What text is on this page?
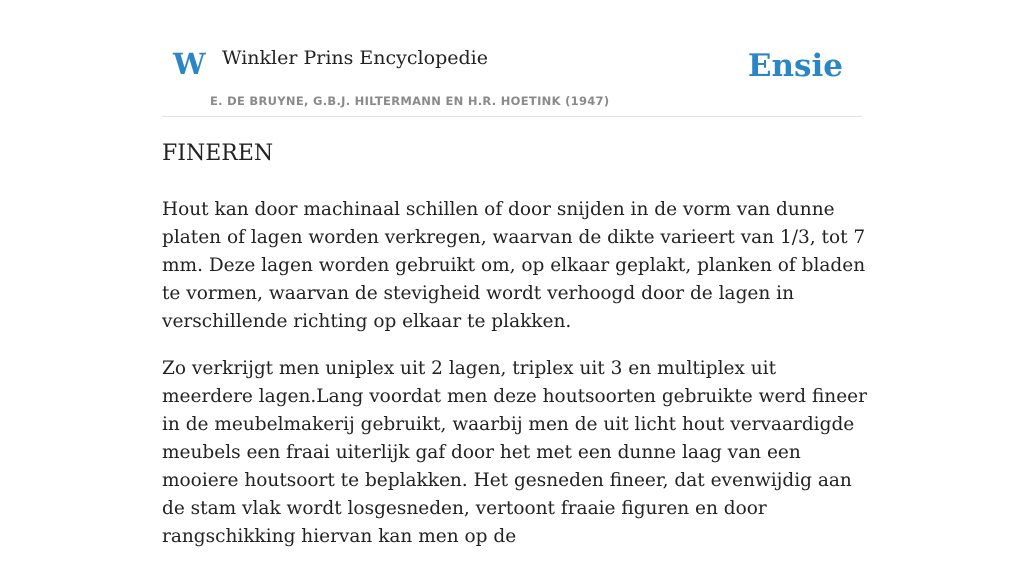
W Winkler Prins Encyclopedie
E. DE BRUYNE, G.B.J. HILTERMANN EN H.R. HOETINK (1947)
Ensie
FINEREN

Hout kan door machinaal schillen of door snijden in de vorm van dunne platen of lagen worden verkregen, waarvan de dikte varieert van 1/3, tot 7 mm. Deze lagen worden gebruikt om, op elkaar geplakt, planken of bladen te vormen, waarvan de stevigheid wordt verhoogd door de lagen in verschillende richting op elkaar te plakken.

Zo verkrijgt men uniplex uit 2 lagen, triplex uit 3 en multiplex uit meerdere lagen.Lang voordat men deze houtsoorten gebruikte werd fineer in de meubelmakerij gebruikt, waarbij men de uit licht hout vervaardigde meubels een fraai uiterlijk gaf door het met een dunne laag van een mooiere houtsoort te beplakken. Het gesneden fineer, dat evenwijdig aan de stam vlak wordt losgesneden, vertoont fraaie figuren en door rangschikking hiervan kan men op de
